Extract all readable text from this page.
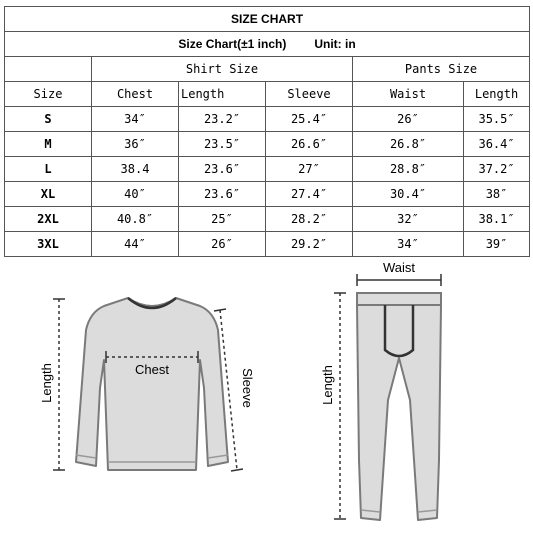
SIZE CHART					
Size Chart(±1 inch) Unit: in					
	Shirt Size			Pants Size	
Size	Chest	Length	Sleeve	Waist	Length
S	34″	23.2″	25.4″	26″	35.5″
M	36″	23.5″	26.6″	26.8″	36.4″
L	38.4	23.6″	27″	28.8″	37.2″
XL	40″	23.6″	27.4″	30.4″	38″
2XL	40.8″	25″	28.2″	32″	38.1″
3XL	44″	26″	29.2″	34″	39″
Length	Chest	Sleeve
Waist
Length
